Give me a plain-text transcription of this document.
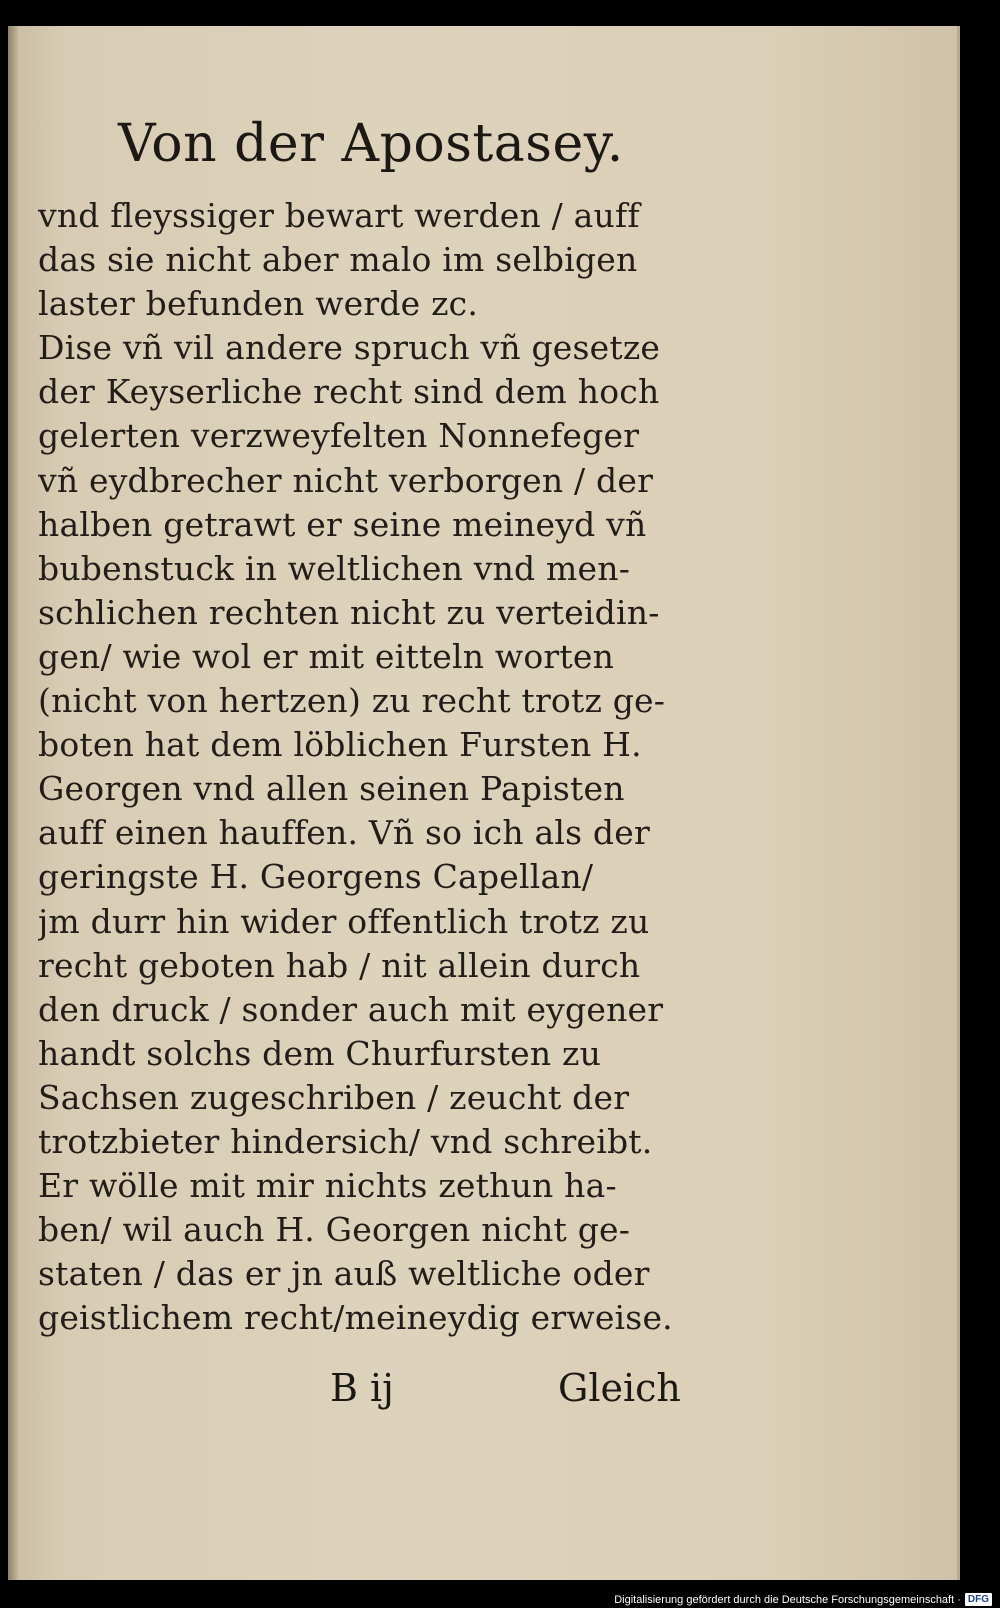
Von der Apostasey.
vnd fleyssiger bewart werden / auff
das sie nicht aber malo im selbigen
laster befunden werde zc.
Dise vñ vil andere spruch vñ gesetze
der Keyserliche recht sind dem hoch
gelerten verzweyfelten Nonnefeger
vñ eydbrecher nicht verborgen / der
halben getrawt er seine meineyd vñ
bubenstuck in weltlichen vnd men-
schlichen rechten nicht zu verteidin-
gen/ wie wol er mit eitteln worten
(nicht von hertzen) zu recht trotz ge-
boten hat dem löblichen Fursten H.
Georgen vnd allen seinen Papisten
auff einen hauffen. Vñ so ich als der
geringste H. Georgens Capellan/
jm durr hin wider offentlich trotz zu
recht geboten hab / nit allein durch
den druck / sonder auch mit eygener
handt solchs dem Churfursten zu
Sachsen zugeschriben / zeucht der
trotzbieter hindersich/ vnd schreibt.
Er wölle mit mir nichts zethun ha-
ben/ wil auch H. Georgen nicht ge-
staten / das er jn auß weltliche oder
geistlichem recht/meineydig erweise.
B ij	Gleich
Digitalisierung gefördert durch die Deutsche Forschungsgemeinschaft · DFG
